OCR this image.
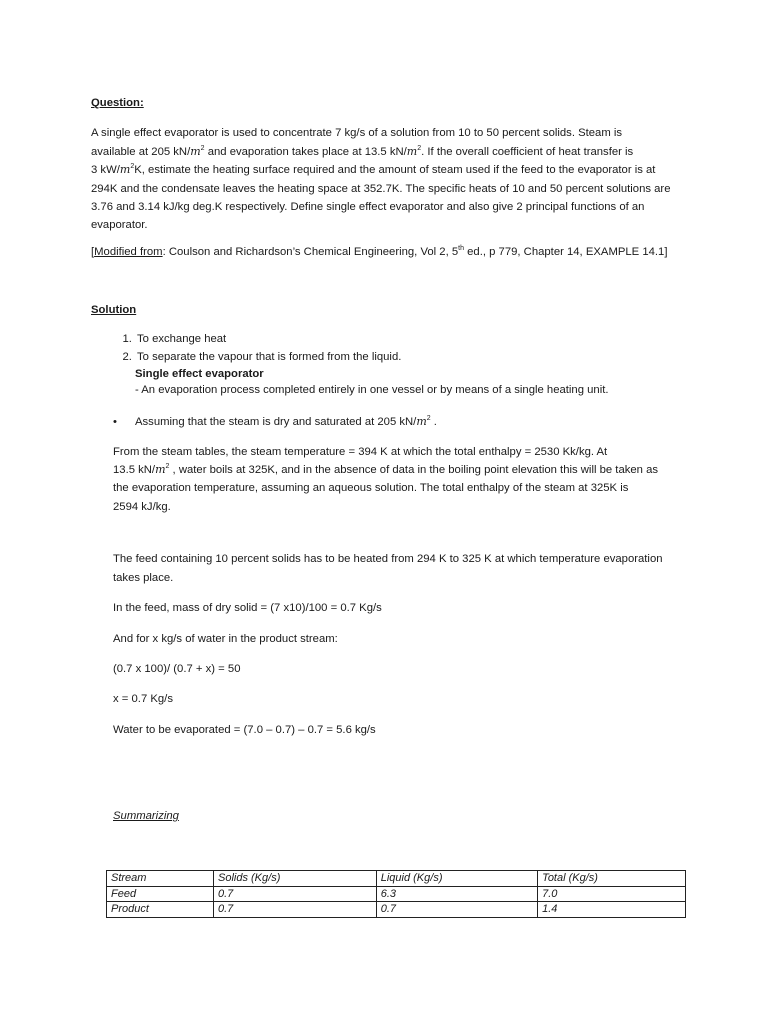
Question:

A single effect evaporator is used to concentrate 7 kg/s of a solution from 10 to 50 percent solids. Steam is

available at 205 $kN/m^2$ and evaporation takes place at 13.5 $kN/m^2$. If the overall coefficient of heat transfer is

3 $kW/m^2K$, estimate the heating surface required and the amount of steam used if the feed to the evaporator is at

294K and the condensate leaves the heating space at 352.7K. The specific heats of 10 and 50 percent solutions are

3.76 and 3.14 kJ/kg deg.K respectively. Define single effect evaporator and also give 2 principal functions of an

evaporator.

[Modified from: Coulson and Richardson’s Chemical Engineering, Vol 2, 5th ed., p 779, Chapter 14, EXAMPLE 14.1]

Solution

1. To exchange heat
2. To separate the vapour that is formed from the liquid.
Single effect evaporator
- An evaporation process completed entirely in one vessel or by means of a single heating unit.
•	Assuming that the steam is dry and saturated at 205 $kN/m^2$ .

From the steam tables, the steam temperature = 394 K at which the total enthalpy = 2530 Kk/kg. At

13.5 $kN/m^2$ , water boils at 325K, and in the absence of data in the boiling point elevation this will be taken as

the evaporation temperature, assuming an aqueous solution. The total enthalpy of the steam at 325K is

2594 kJ/kg.

The feed containing 10 percent solids has to be heated from 294 K to 325 K at which temperature evaporation

takes place.

In the feed, mass of dry solid = (7 x10)/100 = 0.7 Kg/s

And for x kg/s of water in the product stream:

(0.7 x 100)/ (0.7 + x) = 50

x = 0.7 Kg/s

Water to be evaporated = (7.0 – 0.7) – 0.7 = 5.6 kg/s

Summarizing

Stream	Solids (Kg/s)	Liquid (Kg/s)	Total (Kg/s)
Feed	0.7	6.3	7.0
Product	0.7	0.7	1.4
